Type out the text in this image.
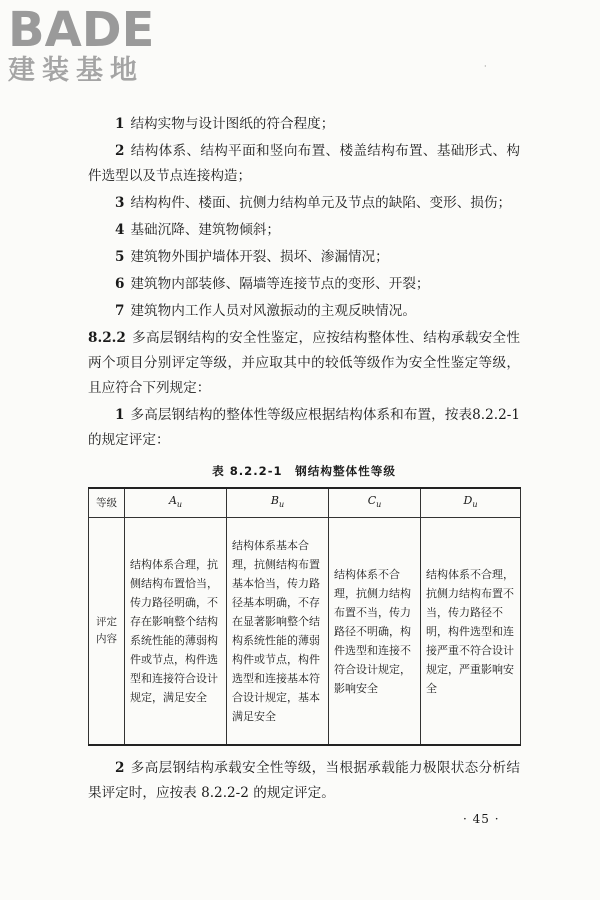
BADE
建装基地	·

1 结构实物与设计图纸的符合程度；

2 结构体系、结构平面和竖向布置、楼盖结构布置、基础形式、构件选型以及节点连接构造；

3 结构构件、楼面、抗侧力结构单元及节点的缺陷、变形、损伤；

4 基础沉降、建筑物倾斜；

5 建筑物外围护墙体开裂、损坏、渗漏情况；

6 建筑物内部装修、隔墙等连接节点的变形、开裂；

7 建筑物内工作人员对风激振动的主观反映情况。

8.2.2 多高层钢结构的安全性鉴定，应按结构整体性、结构承载安全性两个项目分别评定等级，并应取其中的较低等级作为安全性鉴定等级，且应符合下列规定：

1 多高层钢结构的整体性等级应根据结构体系和布置，按表8.2.2-1的规定评定：

表 8.2.2-1　钢结构整体性等级
等级	$A_u$	$B_u$	$C_u$	$D_u$
评定内容	结构体系合理，抗侧结构布置恰当，传力路径明确，不存在影响整个结构系统性能的薄弱构件或节点，构件选型和连接符合设计规定，满足安全	结构体系基本合理，抗侧结构布置基本恰当，传力路径基本明确，不存在显著影响整个结构系统性能的薄弱构件或节点，构件选型和连接基本符合设计规定，基本满足安全	结构体系不合理，抗侧力结构布置不当，传力路径不明确，构件选型和连接不符合设计规定，影响安全	结构体系不合理，抗侧力结构布置不当，传力路径不明，构件选型和连接严重不符合设计规定，严重影响安全

2 多高层钢结构承载安全性等级，当根据承载能力极限状态分析结果评定时，应按表 8.2.2-2 的规定评定。

· 45 ·
